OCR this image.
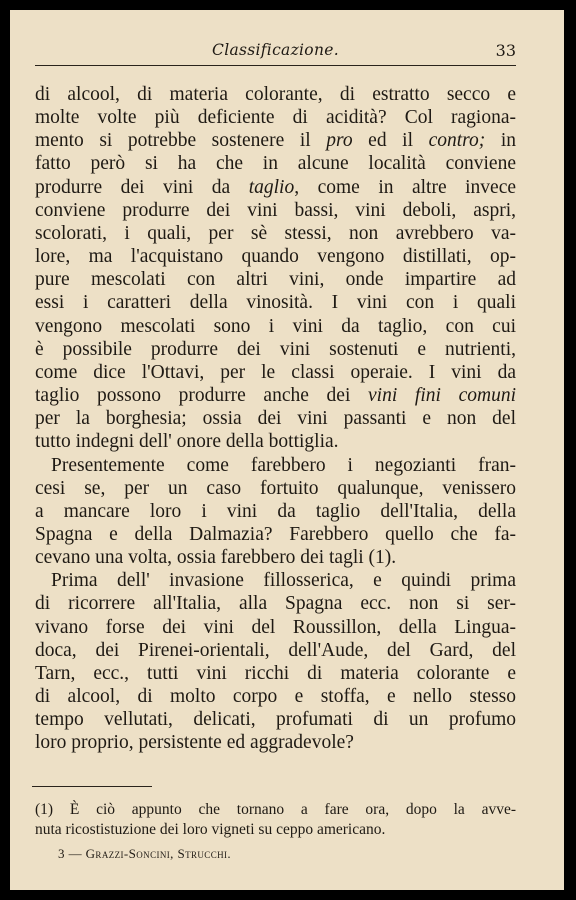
Classificazione.	33
di alcool, di materia colorante, di estratto secco e
molte volte più deficiente di acidità? Col ragiona-
mento si potrebbe sostenere il pro ed il contro; in
fatto però si ha che in alcune località conviene
produrre dei vini da taglio, come in altre invece
conviene produrre dei vini bassi, vini deboli, aspri,
scolorati, i quali, per sè stessi, non avrebbero va-
lore, ma l'acquistano quando vengono distillati, op-
pure mescolati con altri vini, onde impartire ad
essi i caratteri della vinosità. I vini con i quali
vengono mescolati sono i vini da taglio, con cui
è possibile produrre dei vini sostenuti e nutrienti,
come dice l'Ottavi, per le classi operaie. I vini da
taglio possono produrre anche dei vini fini comuni
per la borghesia; ossia dei vini passanti e non del
tutto indegni dell' onore della bottiglia.
Presentemente come farebbero i negozianti fran-
cesi se, per un caso fortuito qualunque, venissero
a mancare loro i vini da taglio dell'Italia, della
Spagna e della Dalmazia? Farebbero quello che fa-
cevano una volta, ossia farebbero dei tagli (1).
Prima dell' invasione fillosserica, e quindi prima
di ricorrere all'Italia, alla Spagna ecc. non si ser-
vivano forse dei vini del Roussillon, della Lingua-
doca, dei Pirenei-orientali, dell'Aude, del Gard, del
Tarn, ecc., tutti vini ricchi di materia colorante e
di alcool, di molto corpo e stoffa, e nello stesso
tempo vellutati, delicati, profumati di un profumo
loro proprio, persistente ed aggradevole?
(1) È ciò appunto che tornano a fare ora, dopo la avve-
nuta ricostistuzione dei loro vigneti su ceppo americano.
3 — Grazzi-Soncini, Strucchi.
